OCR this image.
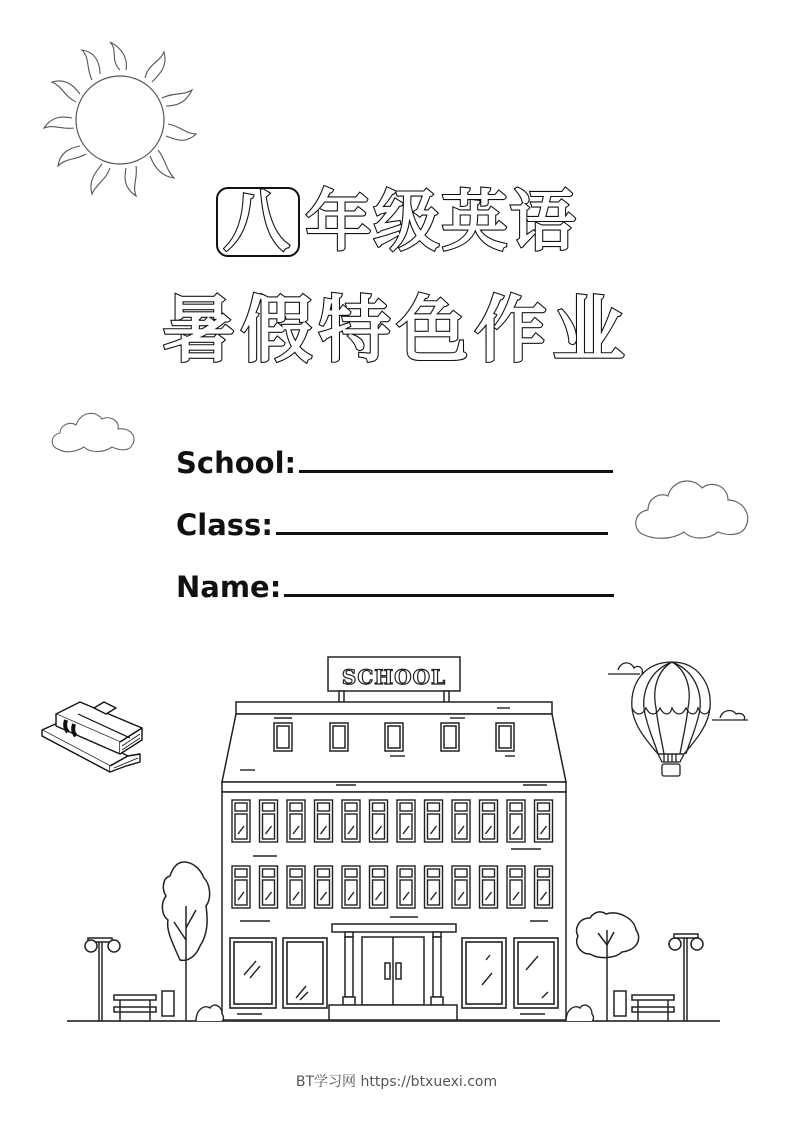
八 年级英语
暑假特色作业
School:
Class:
Name:
SCHOOL
BT学习网 https://btxuexi.com
